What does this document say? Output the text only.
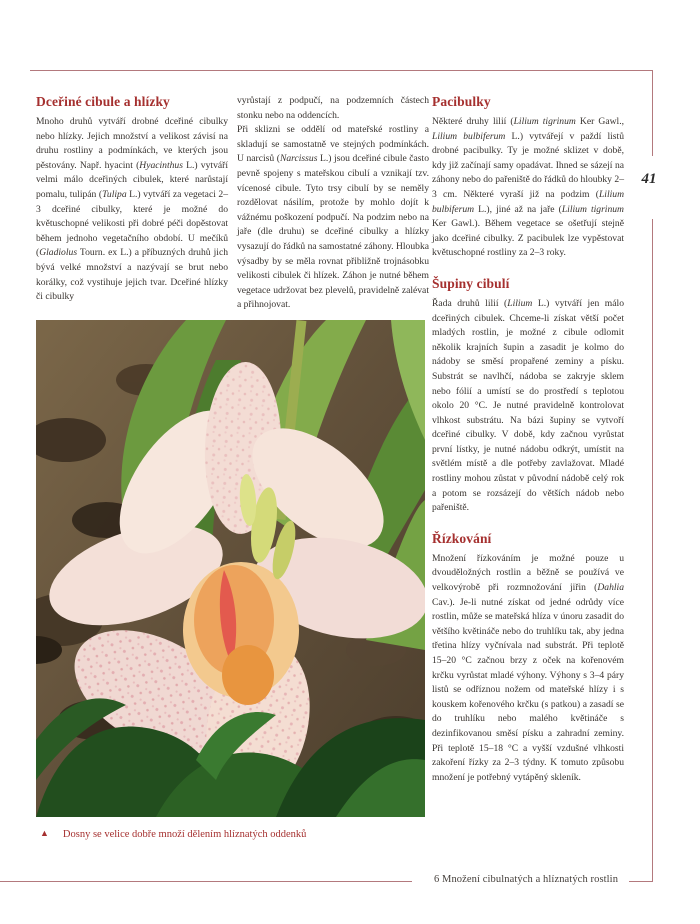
41
Dceřiné cibule a hlízky

Mnoho druhů vytváří drobné dceřiné cibulky nebo hlízky. Jejich množství a velikost závisí na druhu rostliny a podmínkách, ve kterých jsou pěstovány. Např. hyacint (Hyacinthus L.) vytváří velmi málo dceřiných cibulek, které narůstají pomalu, tulipán (Tulipa L.) vytváří za vegetaci 2–3 dceřiné cibulky, které je možné do květuschopné velikosti při dobré péči dopěstovat během jednoho vegetačního období. U mečíků (Gladiolus Tourn. ex L.) a příbuzných druhů jich bývá velké množství a nazývají se brut nebo korálky, což vystihuje jejich tvar. Dceřiné hlízky či cibulky

vyrůstají z podpučí, na podzemních částech stonku nebo na oddencích.

Při sklizni se oddělí od mateřské rostliny a skladují se samostatně ve stejných podmínkách. U narcisů (Narcissus L.) jsou dceřiné cibule často pevně spojeny s mateřskou cibulí a vznikají tzv. vícenosé cibule. Tyto trsy cibulí by se neměly rozdělovat násilím, protože by mohlo dojít k vážnému poškození podpučí. Na podzim nebo na jaře (dle druhu) se dceřiné cibulky a hlízky vysazují do řádků na samostatné záhony. Hloubka výsadby by se měla rovnat přibližně trojnásobku velikosti cibulek či hlízek. Záhon je nutné během vegetace udržovat bez plevelů, pravidelně zalévat a přihnojovat.

Pacibulky

Některé druhy lilií (Lilium tigrinum Ker Gawl., Lilium bulbiferum L.) vytvářejí v paždí listů drobné pacibulky. Ty je možné sklizet v době, kdy již začínají samy opadávat. Ihned se sázejí na záhony nebo do pařeniště do řádků do hloubky 2–3 cm. Některé vyraší již na podzim (Lilium bulbiferum L.), jiné až na jaře (Lilium tigrinum Ker Gawl.). Během vegetace se ošetřují stejně jako dceřiné cibulky. Z pacibulek lze vypěstovat květuschopné rostliny za 2–3 roky.

Šupiny cibulí

Řada druhů lilií (Lilium L.) vytváří jen málo dceřiných cibulek. Chceme-li získat větší počet mladých rostlin, je možné z cibule odlomit několik krajních šupin a zasadit je kolmo do nádoby se směsí propařené zeminy a písku. Substrát se navlhčí, nádoba se zakryje sklem nebo fólií a umístí se do prostředí s teplotou okolo 20 °C. Je nutné pravidelně kontrolovat vlhkost substrátu. Na bázi šupiny se vytvoří dceřiné cibulky. V době, kdy začnou vyrůstat první lístky, je nutné nádobu odkrýt, umístit na světlém místě a dle potřeby zavlažovat. Mladé rostliny mohou zůstat v původní nádobě celý rok a potom se rozsázejí do větších nádob nebo pařeniště.

Řízkování

Množení řízkováním je možné pouze u dvouděložných rostlin a běžně se používá ve velkovýrobě při rozmnožování jiřin (Dahlia Cav.). Je-li nutné získat od jedné odrůdy více rostlin, může se mateřská hlíza v únoru zasadit do většího květináče nebo do truhlíku tak, aby jedna třetina hlízy vyčnívala nad substrát. Při teplotě 15–20 °C začnou brzy z oček na kořenovém krčku vyrůstat mladé výhony. Výhony s 3–4 páry listů se odříznou nožem od mateřské hlízy i s kouskem kořenového krčku (s patkou) a zasadí se do truhlíku nebo malého květináče s dezinfikovanou směsí písku a zahradní zeminy. Při teplotě 15–18 °C a vyšší vzdušné vlhkosti zakoření řízky za 2–3 týdny. K tomuto způsobu množení je potřebný vytápěný skleník.

▲ Dosny se velice dobře množí dělením hlíznatých oddenků
6 Množení cibulnatých a hlíznatých rostlin
